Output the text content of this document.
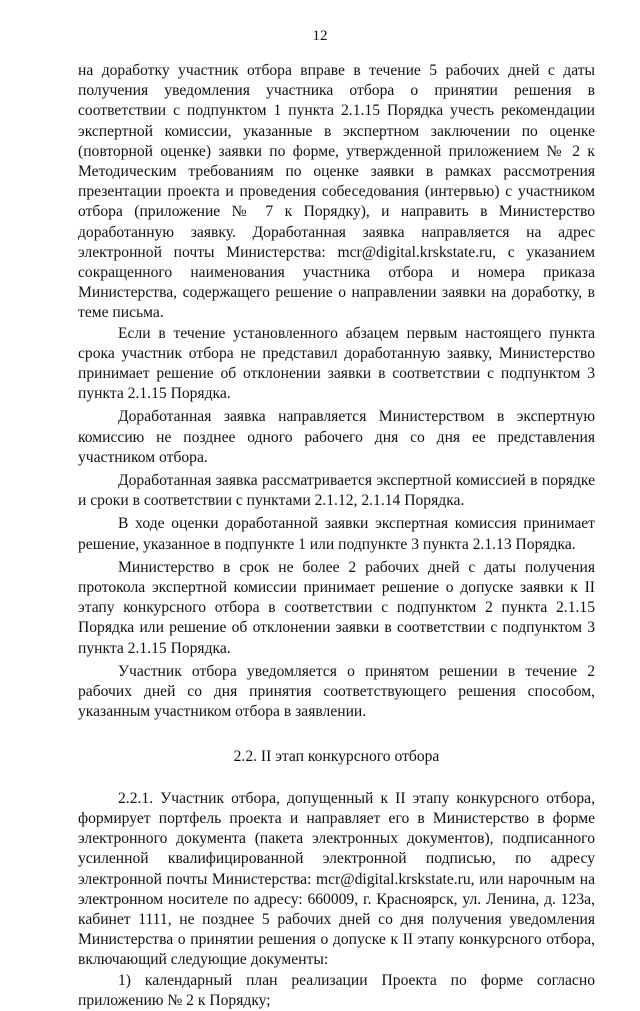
12

на доработку участник отбора вправе в течение 5 рабочих дней с даты получения уведомления участника отбора о принятии решения в соответствии с подпунктом 1 пункта 2.1.15 Порядка учесть рекомендации экспертной комиссии, указанные в экспертном заключении по оценке (повторной оценке) заявки по форме, утвержденной приложением № 2 к Методическим требованиям по оценке заявки в рамках рассмотрения презентации проекта и проведения собеседования (интервью) с участником отбора (приложение № 7 к Порядку), и направить в Министерство доработанную заявку. Доработанная заявка направляется на адрес электронной почты Министерства: mcr@digital.krskstate.ru, с указанием сокращенного наименования участника отбора и номера приказа Министерства, содержащего решение о направлении заявки на доработку, в теме письма.

Если в течение установленного абзацем первым настоящего пункта срока участник отбора не представил доработанную заявку, Министерство принимает решение об отклонении заявки в соответствии с подпунктом 3 пункта 2.1.15 Порядка.

Доработанная заявка направляется Министерством в экспертную комиссию не позднее одного рабочего дня со дня ее представления участником отбора.

Доработанная заявка рассматривается экспертной комиссией в порядке и сроки в соответствии с пунктами 2.1.12, 2.1.14 Порядка.

В ходе оценки доработанной заявки экспертная комиссия принимает решение, указанное в подпункте 1 или подпункте 3 пункта 2.1.13 Порядка.

Министерство в срок не более 2 рабочих дней с даты получения протокола экспертной комиссии принимает решение о допуске заявки к II этапу конкурсного отбора в соответствии с подпунктом 2 пункта 2.1.15 Порядка или решение об отклонении заявки в соответствии с подпунктом 3 пункта 2.1.15 Порядка.

Участник отбора уведомляется о принятом решении в течение 2 рабочих дней со дня принятия соответствующего решения способом, указанным участником отбора в заявлении.

2.2. II этап конкурсного отбора

2.2.1. Участник отбора, допущенный к II этапу конкурсного отбора, формирует портфель проекта и направляет его в Министерство в форме электронного документа (пакета электронных документов), подписанного усиленной квалифицированной электронной подписью, по адресу электронной почты Министерства: mcr@digital.krskstate.ru, или нарочным на электронном носителе по адресу: 660009, г. Красноярск, ул. Ленина, д. 123а, кабинет 1111, не позднее 5 рабочих дней со дня получения уведомления Министерства о принятии решения о допуске к II этапу конкурсного отбора, включающий следующие документы:

1) календарный план реализации Проекта по форме согласно приложению № 2 к Порядку;
